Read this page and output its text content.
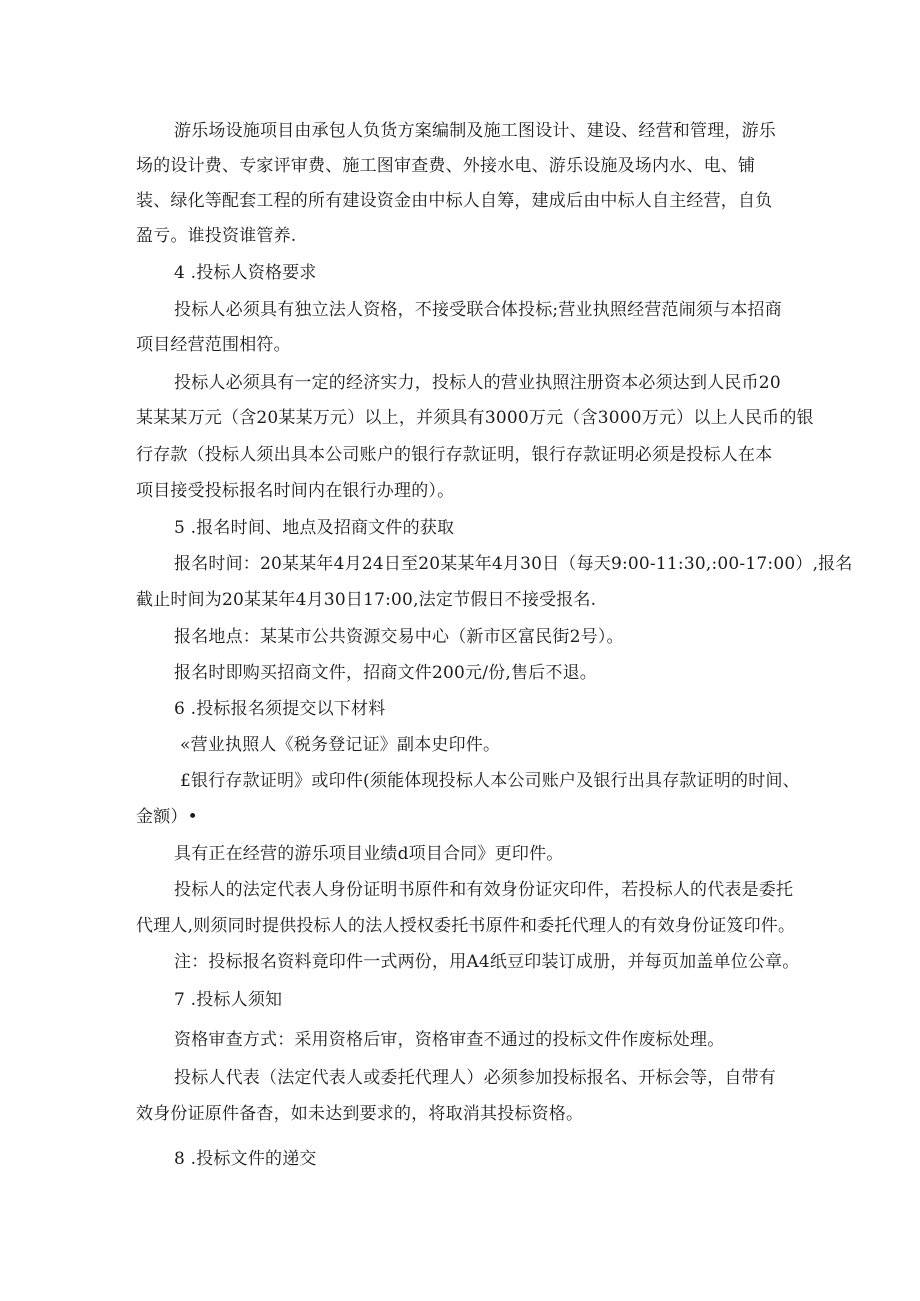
游乐场设施项目由承包人负货方案编制及施工图设计、建设、经营和管理，游乐
场的设计费、专家评审费、施工图审查费、外接水电、游乐设施及场内水、电、铺
装、绿化等配套工程的所有建设资金由中标人自筹，建成后由中标人自主经营，自负
盈亏。谁投资谁管养.
4 .投标人资格要求
投标人必须具有独立法人资格，不接受联合体投标;营业执照经营范闹须与本招商
项目经营范围相符。
投标人必须具有一定的经济实力，投标人的营业执照注册资本必须达到人民币20
某某某万元（含20某某万元）以上，并须具有3000万元（含3000万元）以上人民币的银
行存款（投标人须出具本公司账户的银行存款证明，银行存款证明必须是投标人在本
项目接受投标报名时间内在银行办理的）。
5 .报名时间、地点及招商文件的获取
报名时间：20某某年4月24日至20某某年4月30日（每天9:00-11:30,:00-17:00）,报名
截止时间为20某某年4月30日17:00,法定节假日不接受报名.
报名地点：某某市公共资源交易中心（新市区富民街2号）。
报名时即购买招商文件，招商文件200元/份,售后不退。
6 .投标报名须提交以下材料
«营业执照人《税务登记证》副本史印件。
£银行存款证明》或印件(须能体现投标人本公司账户及银行出具存款证明的时间、
金额）•
具有正在经营的游乐项目业绩d项目合同》更印件。
投标人的法定代表人身份证明书原件和有效身份证灾印件，若投标人的代表是委托
代理人,则须同时提供投标人的法人授权委托书原件和委托代理人的有效身份证笈印件。
注：投标报名资料竟印件一式两份，用A4纸豆印装订成册，并每页加盖单位公章。
7 .投标人须知
资格审查方式：采用资格后审，资格审查不通过的投标文件作废标处理。
投标人代表（法定代表人或委托代理人）必须参加投标报名、开标会等，自带有
效身份证原件备杳，如未达到要求的，将取消其投标资格。
8 .投标文件的递交
